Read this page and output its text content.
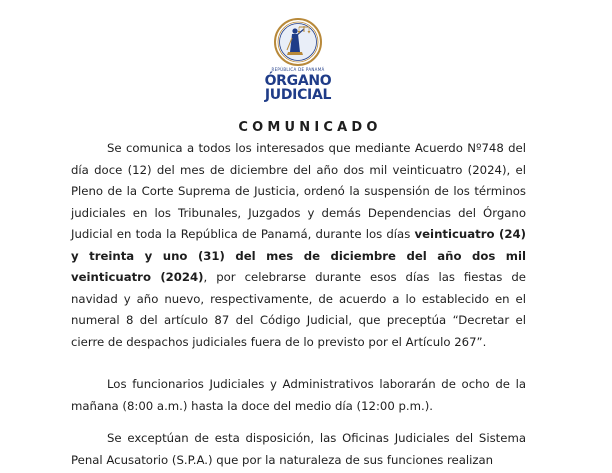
REPÚBLICA DE PANAMÁ
ÓRGANO
JUDICIAL
COMUNICADO

Se comunica a todos los interesados que mediante Acuerdo Nº748 del día doce (12) del mes de diciembre del año dos mil veinticuatro (2024), el Pleno de la Corte Suprema de Justicia, ordenó la suspensión de los términos judiciales en los Tribunales, Juzgados y demás Dependencias del Órgano Judicial en toda la República de Panamá, durante los días veinticuatro (24) y treinta y uno (31) del mes de diciembre del año dos mil veinticuatro (2024), por celebrarse durante esos días las fiestas de navidad y año nuevo, respectivamente, de acuerdo a lo establecido en el numeral 8 del artículo 87 del Código Judicial, que preceptúa “Decretar el cierre de despachos judiciales fuera de lo previsto por el Artículo 267”.

Los funcionarios Judiciales y Administrativos laborarán de ocho de la mañana (8:00 a.m.) hasta la doce del medio día (12:00 p.m.).

Se exceptúan de esta disposición, las Oficinas Judiciales del Sistema Penal Acusatorio (S.P.A.) que por la naturaleza de sus funciones realizan
